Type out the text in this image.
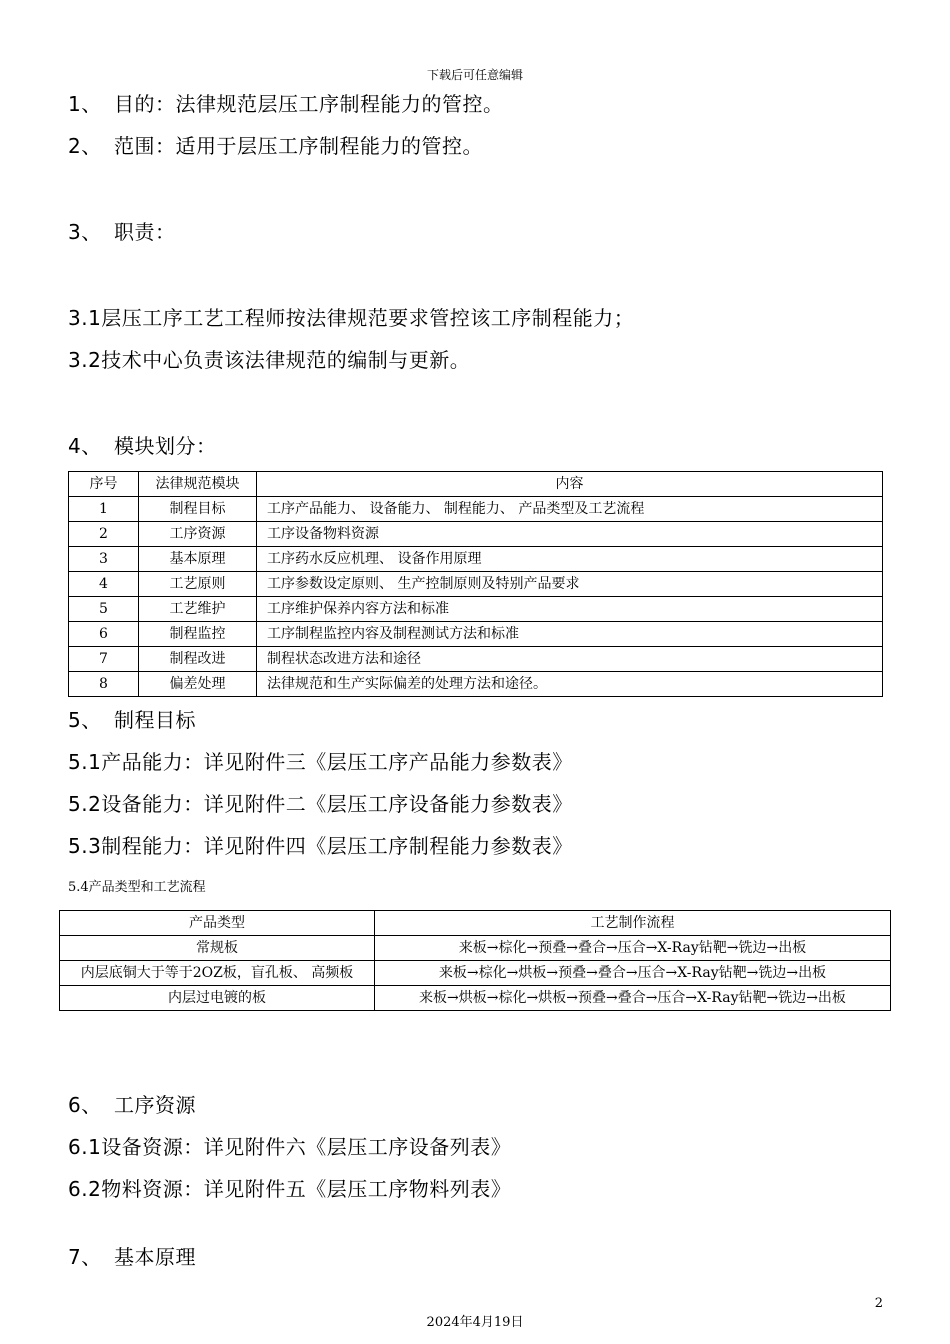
下载后可任意编辑
1、 目的：法律规范层压工序制程能力的管控。
2、 范围：适用于层压工序制程能力的管控。
3、 职责：
3.1层压工序工艺工程师按法律规范要求管控该工序制程能力；
3.2技术中心负责该法律规范的编制与更新。
4、 模块划分：
序号	法律规范模块	内容
1	制程目标	工序产品能力、 设备能力、 制程能力、 产品类型及工艺流程
2	工序资源	工序设备物料资源
3	基本原理	工序药水反应机理、 设备作用原理
4	工艺原则	工序参数设定原则、 生产控制原则及特别产品要求
5	工艺维护	工序维护保养内容方法和标准
6	制程监控	工序制程监控内容及制程测试方法和标准
7	制程改进	制程状态改进方法和途径
8	偏差处理	法律规范和生产实际偏差的处理方法和途径。
5、 制程目标
5.1产品能力：详见附件三《层压工序产品能力参数表》
5.2设备能力：详见附件二《层压工序设备能力参数表》
5.3制程能力：详见附件四《层压工序制程能力参数表》
5.4产品类型和工艺流程
产品类型	工艺制作流程
常规板	来板→棕化→预叠→叠合→压合→X-Ray钻靶→铣边→出板
内层底铜大于等于2OZ板，盲孔板、 高频板	来板→棕化→烘板→预叠→叠合→压合→X-Ray钻靶→铣边→出板
内层过电镀的板	来板→烘板→棕化→烘板→预叠→叠合→压合→X-Ray钻靶→铣边→出板
6、 工序资源
6.1设备资源：详见附件六《层压工序设备列表》
6.2物料资源：详见附件五《层压工序物料列表》
7、 基本原理
2
2024年4月19日
